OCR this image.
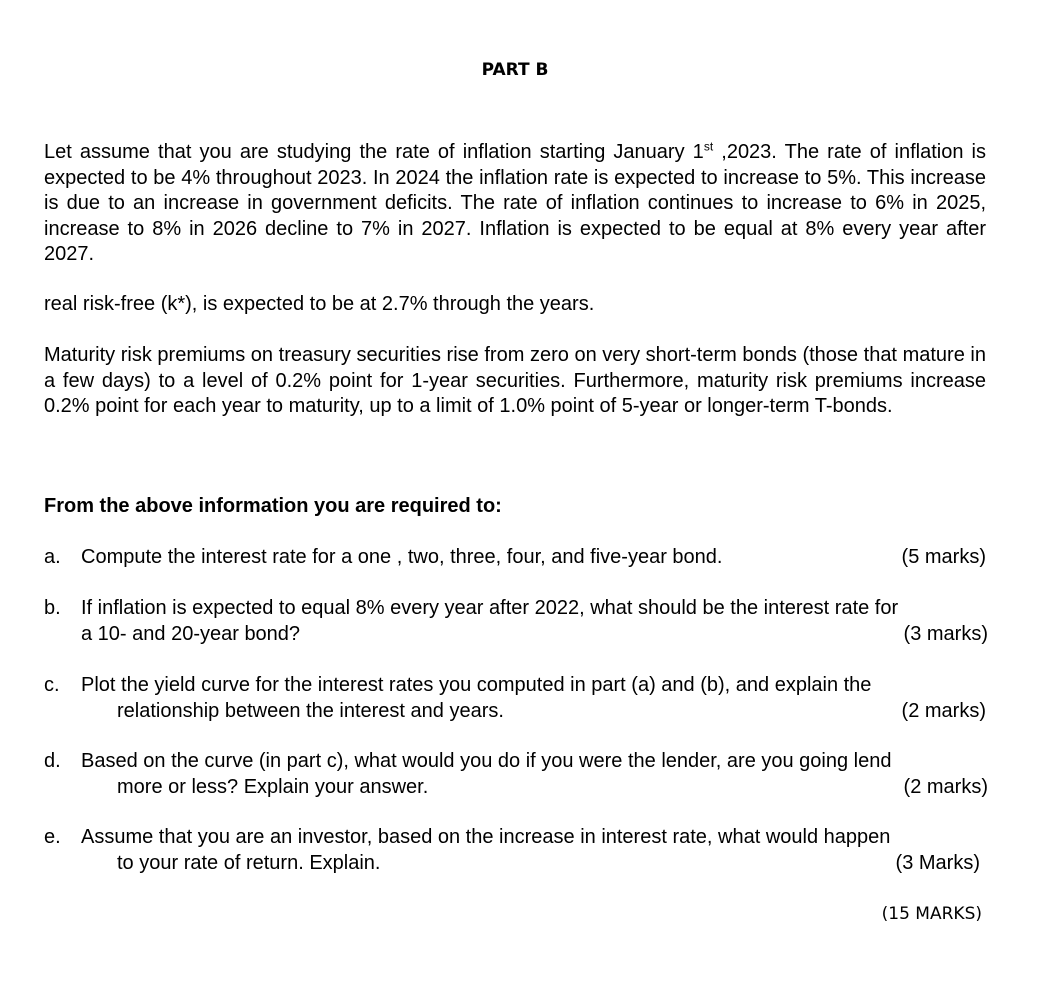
PART B
Let assume that you are studying the rate of inflation starting January 1st ,2023. The rate of inflation is expected to be 4% throughout 2023. In 2024 the inflation rate is expected to increase to 5%. This increase is due to an increase in government deficits. The rate of inflation continues to increase to 6% in 2025, increase to 8% in 2026 decline to 7% in 2027. Inflation is expected to be equal at 8% every year after 2027.
real risk-free (k*), is expected to be at 2.7% through the years.
Maturity risk premiums on treasury securities rise from zero on very short-term bonds (those that mature in a few days) to a level of 0.2% point for 1-year securities. Furthermore, maturity risk premiums increase 0.2% point for each year to maturity, up to a limit of 1.0% point of 5-year or longer-term T-bonds.
From the above information you are required to:
a. Compute the interest rate for a one , two, three, four, and five-year bond.	(5 marks)
b. If inflation is expected to equal 8% every year after 2022, what should be the interest rate for
a 10- and 20-year bond?	(3 marks)
c. Plot the yield curve for the interest rates you computed in part (a) and (b), and explain the
relationship between the interest and years.	(2 marks)
d. Based on the curve (in part c), what would you do if you were the lender, are you going lend
more or less? Explain your answer.	(2 marks)
e. Assume that you are an investor, based on the increase in interest rate, what would happen
to your rate of return. Explain.	(3 Marks)
(15 MARKS)
